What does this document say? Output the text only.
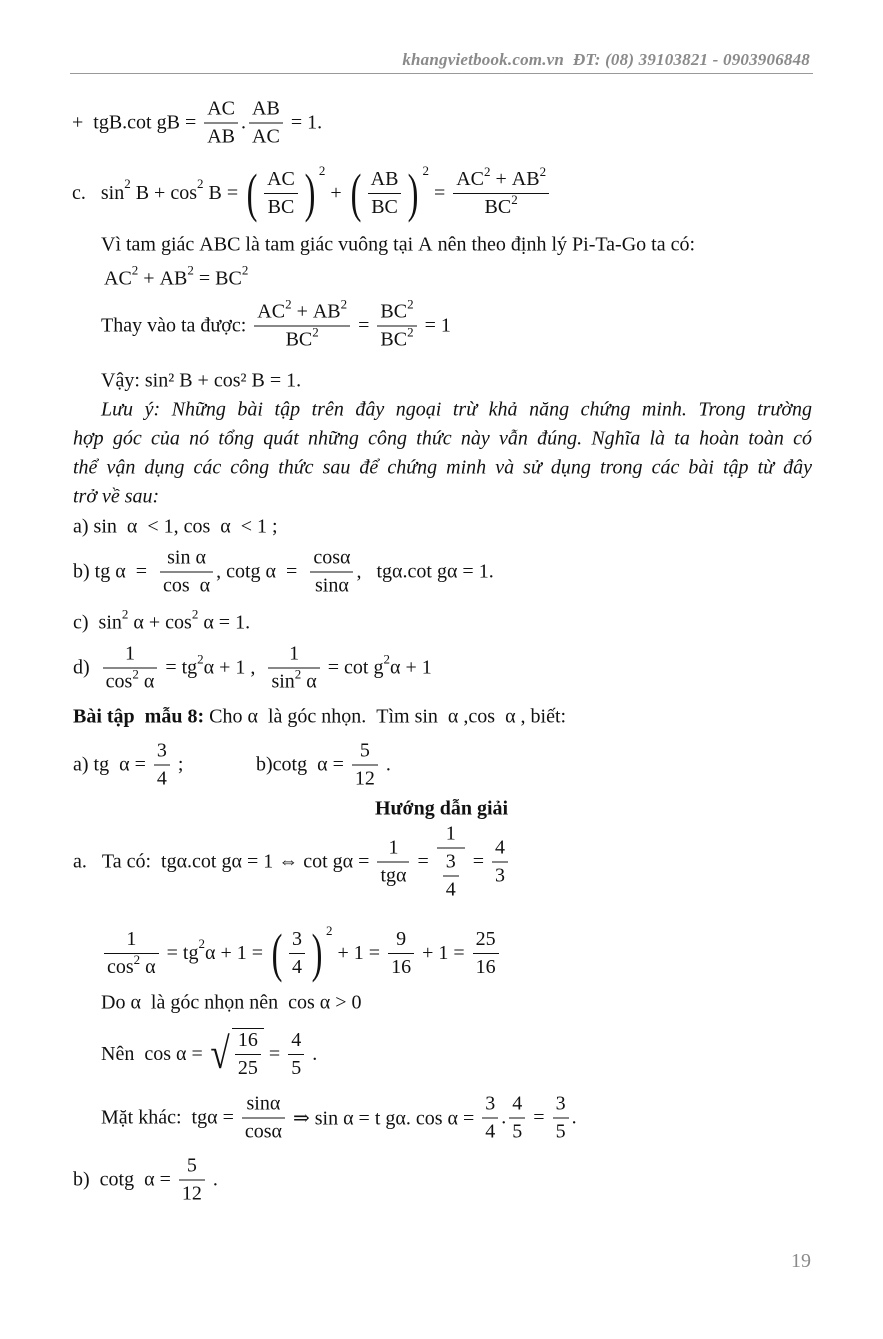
khangvietbook.com.vn ĐT: (08) 39103821 - 0903906848
+  tgB.cot gB = $\frac{AC}{AB}$ . $\frac{AB}{AC} = 1$.
c.   sin 2 B + cos 2 B = ( $\frac{AC}{BC}$ ) 2
+ ( $\frac{AB}{BC}$ ) 2
= $\frac{AC^2 + AB^2}{BC^2}$
Vì tam giác ABC là tam giác vuông tại A nên theo định lý Pi-Ta-Go ta có:
AC 2 + AB 2 = BC 2
Thay vào ta được: $\frac{AC^2 + AB^2}{BC^2} = \frac{BC^2}{BC^2} = 1$
Vậy: sin² B + cos² B = 1.
Lưu ý: Những bài tập trên đây ngoại trừ khả năng chứng minh. Trong trường
hợp góc của nó tổng quát những công thức này vẫn đúng. Nghĩa là ta hoàn toàn có
thể vận dụng các công thức sau để chứng minh và sử dụng trong các bài tập từ đây
trở về sau:
a) sin  α  < 1, cos  α  < 1 ;
b) tg $\alpha = \frac{\text{sin α}}{\text{cos  α}}$ , cotg $\alpha = \frac{\cos\alpha}{\sin\alpha}$ ,   tgα.cot gα = 1.
c)  sin 2 α + cos 2 α = 1.
$d) \frac{1}{\cos^2 \alpha}$ = tg 2 α + 1 , $\frac{1}{\sin^2 \alpha} = \cot g$ 2 α + 1
Bài tập  mẫu 8: Cho α  là góc nhọn.  Tìm sin  α ,cos  α , biết:
a) tg  $\alpha = \frac{3}{4}$ ;	b)cotg  $\alpha = \frac{5}{12}$ .
Hướng dẫn giải
a.   Ta có:  tgα.cot gα = 1 ⇔ cot gα =
1
tgα
= $\frac{1}{\frac{3}{4}} = \frac{4}{3}$
$\frac{1}{\cos^2 \alpha}$ = tg 2 α + 1 = ( $\frac{3}{4}$ ) 2
+ $1 = \frac{9}{16} + 1 = \frac{25}{16}$
Do α  là góc nhọn nên  cos α > 0
Nên  cos α = √ $\frac{16}{25} = \frac{4}{5}$ .
Mặt khác:  $tg\alpha = \frac{\sin\alpha}{\cos\alpha}$ ⇒ sin α = t gα. $\cos \alpha = \frac{3}{4}$ . $\frac{4}{5} = \frac{3}{5}$ .
b)  cotg  $\alpha = \frac{5}{12}$ .
19
